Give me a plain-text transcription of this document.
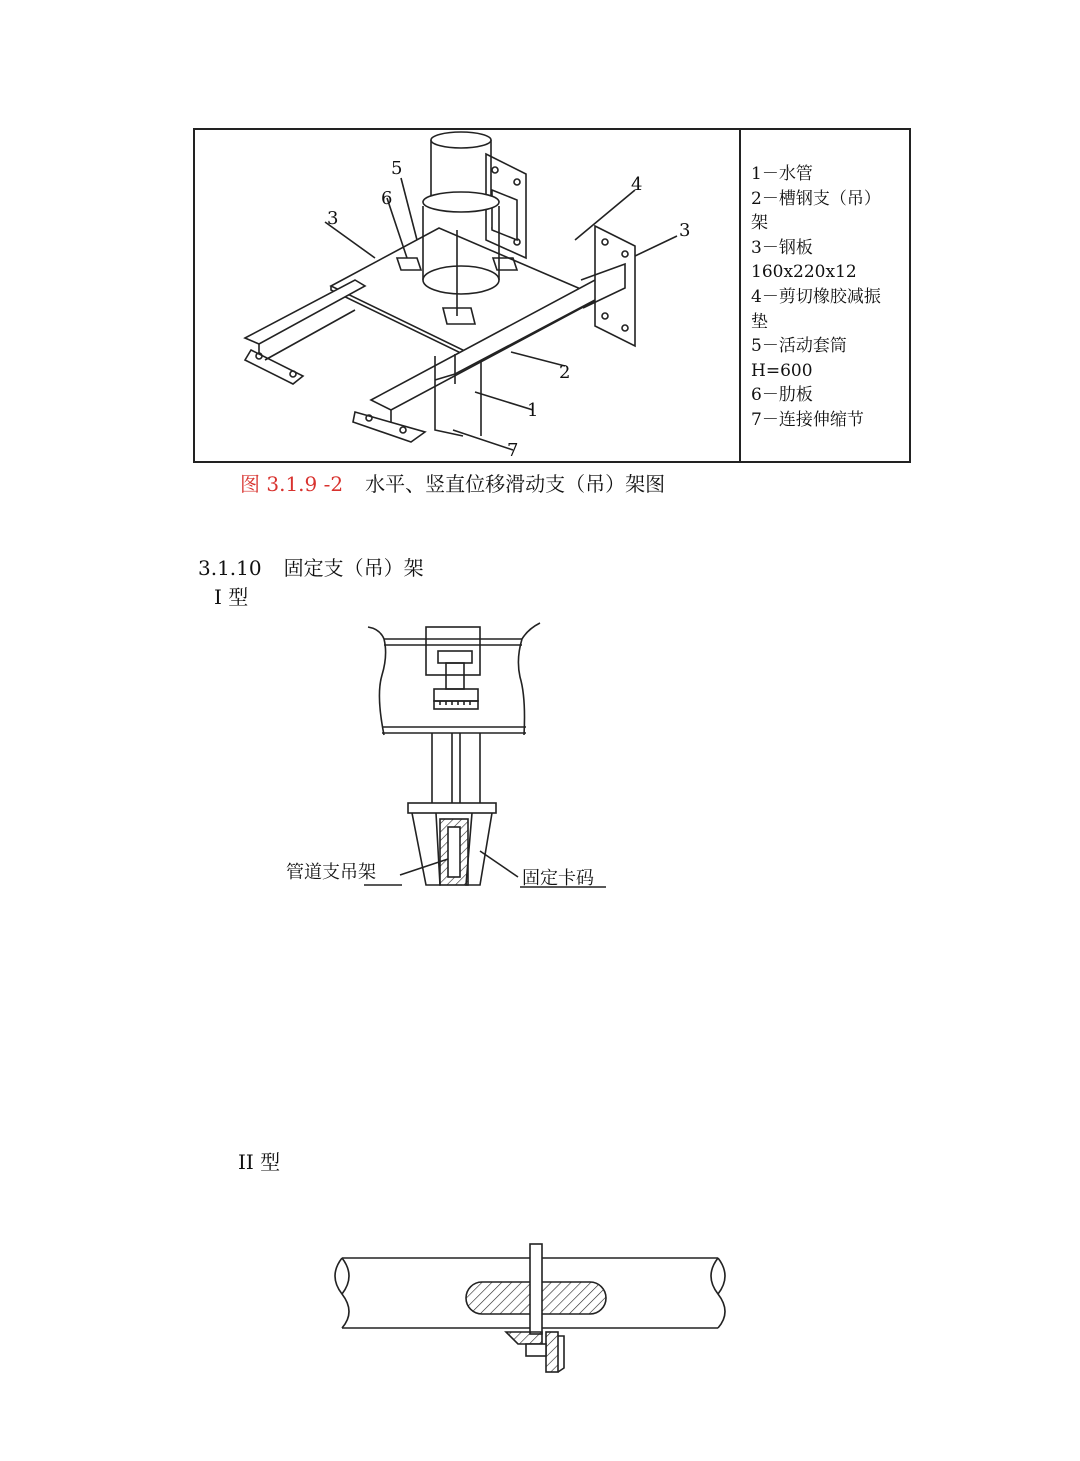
5
6
4
3
3
2
1
7
1－水管
2－槽钢支（吊）
架
3－钢板
160x220x12
4－剪切橡胶减振
垫
5－活动套筒
H=600
6－肋板
7－连接伸缩节
图 3.1.9 -2 水平、竖直位移滑动支（吊）架图
3.1.10 固定支（吊）架
I 型
管道支吊架	固定卡码
II 型
